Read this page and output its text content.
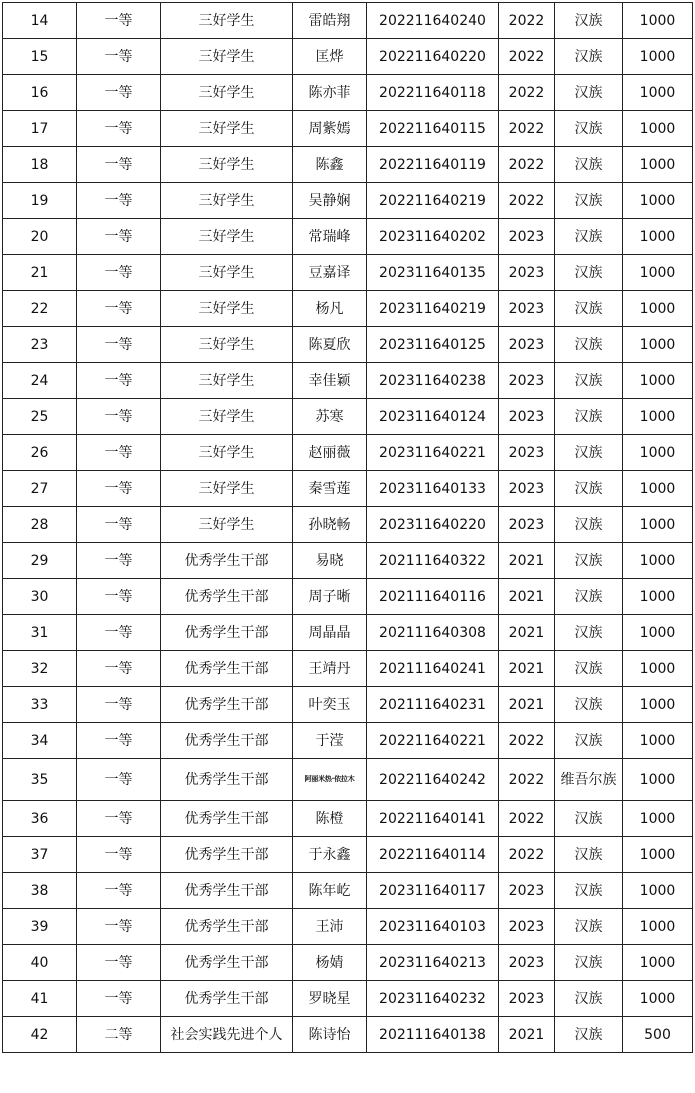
14	一等	三好学生	雷皓翔	202211640240	2022	汉族	1000
15	一等	三好学生	匡烨	202211640220	2022	汉族	1000
16	一等	三好学生	陈亦菲	202211640118	2022	汉族	1000
17	一等	三好学生	周紫嫣	202211640115	2022	汉族	1000
18	一等	三好学生	陈鑫	202211640119	2022	汉族	1000
19	一等	三好学生	吴静娴	202211640219	2022	汉族	1000
20	一等	三好学生	常瑞峰	202311640202	2023	汉族	1000
21	一等	三好学生	豆嘉译	202311640135	2023	汉族	1000
22	一等	三好学生	杨凡	202311640219	2023	汉族	1000
23	一等	三好学生	陈夏欣	202311640125	2023	汉族	1000
24	一等	三好学生	幸佳颖	202311640238	2023	汉族	1000
25	一等	三好学生	苏寒	202311640124	2023	汉族	1000
26	一等	三好学生	赵丽薇	202311640221	2023	汉族	1000
27	一等	三好学生	秦雪莲	202311640133	2023	汉族	1000
28	一等	三好学生	孙晓畅	202311640220	2023	汉族	1000
29	一等	优秀学生干部	易晓	202111640322	2021	汉族	1000
30	一等	优秀学生干部	周子晰	202111640116	2021	汉族	1000
31	一等	优秀学生干部	周晶晶	202111640308	2021	汉族	1000
32	一等	优秀学生干部	王靖丹	202111640241	2021	汉族	1000
33	一等	优秀学生干部	叶奕玉	202111640231	2021	汉族	1000
34	一等	优秀学生干部	于滢	202211640221	2022	汉族	1000
35	一等	优秀学生干部	阿丽米热·依拉木	202211640242	2022	维吾尔族	1000
36	一等	优秀学生干部	陈橙	202211640141	2022	汉族	1000
37	一等	优秀学生干部	于永鑫	202211640114	2022	汉族	1000
38	一等	优秀学生干部	陈年屹	202311640117	2023	汉族	1000
39	一等	优秀学生干部	王沛	202311640103	2023	汉族	1000
40	一等	优秀学生干部	杨婧	202311640213	2023	汉族	1000
41	一等	优秀学生干部	罗晓星	202311640232	2023	汉族	1000
42	二等	社会实践先进个人	陈诗怡	202111640138	2021	汉族	500
